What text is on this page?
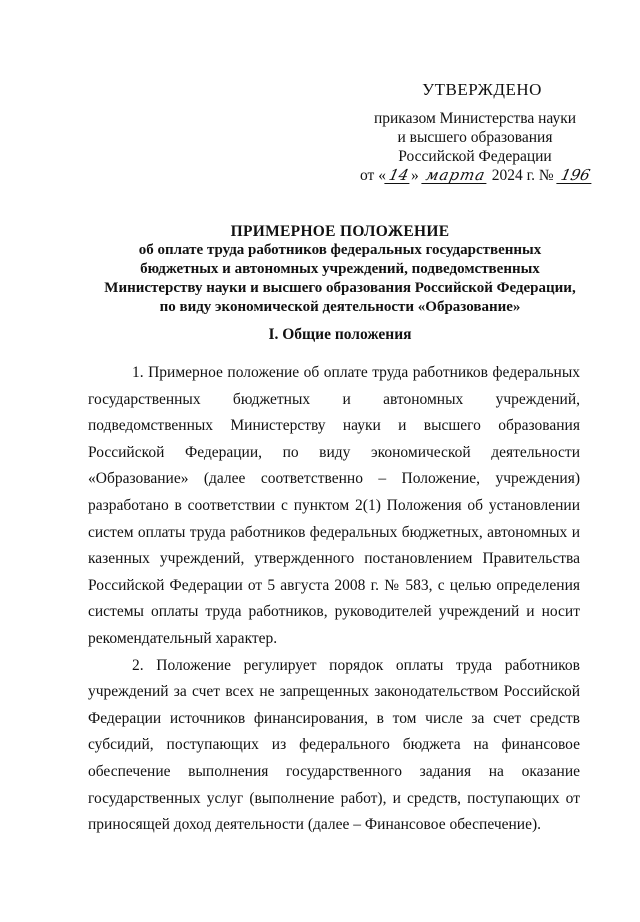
УТВЕРЖДЕНО
приказом Министерства науки
и высшего образования
Российской Федерации
от «14» марта 2024 г. № 196
ПРИМЕРНОЕ ПОЛОЖЕНИЕ
об оплате труда работников федеральных государственных
бюджетных и автономных учреждений, подведомственных
Министерству науки и высшего образования Российской Федерации,
по виду экономической деятельности «Образование»
I. Общие положения

1. Примерное положение об оплате труда работников федеральных государственных бюджетных и автономных учреждений, подведомственных Министерству науки и высшего образования Российской Федерации, по виду экономической деятельности «Образование» (далее соответственно – Положение, учреждения) разработано в соответствии с пунктом 2(1) Положения об установлении систем оплаты труда работников федеральных бюджетных, автономных и казенных учреждений, утвержденного постановлением Правительства Российской Федерации от 5 августа 2008 г. № 583, с целью определения системы оплаты труда работников, руководителей учреждений и носит рекомендательный характер.

2. Положение регулирует порядок оплаты труда работников учреждений за счет всех не запрещенных законодательством Российской Федерации источников финансирования, в том числе за счет средств субсидий, поступающих из федерального бюджета на финансовое обеспечение выполнения государственного задания на оказание государственных услуг (выполнение работ), и средств, поступающих от приносящей доход деятельности (далее – Финансовое обеспечение).
